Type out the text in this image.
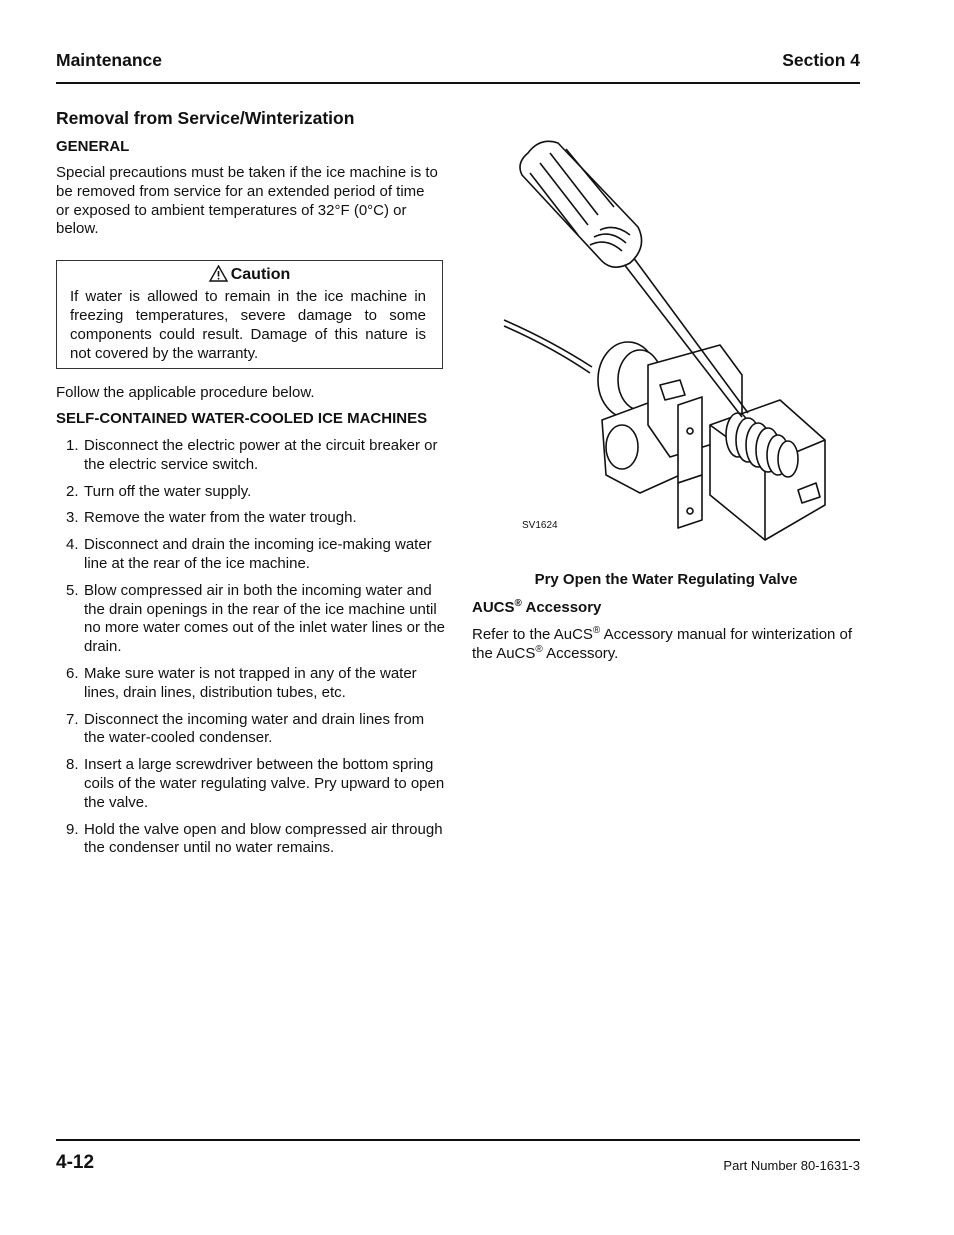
Maintenance	Section 4
Removal from Service/Winterization
GENERAL
Special precautions must be taken if the ice machine is to be removed from service for an extended period of time or exposed to ambient temperatures of 32°F (0°C) or below.
Caution
If water is allowed to remain in the ice machine in freezing temperatures, severe damage to some components could result. Damage of this nature is not covered by the warranty.
Follow the applicable procedure below.
SELF-CONTAINED WATER-COOLED ICE MACHINES
1. Disconnect the electric power at the circuit breaker or the electric service switch.
2. Turn off the water supply.
3. Remove the water from the water trough.
4. Disconnect and drain the incoming ice-making water line at the rear of the ice machine.
5. Blow compressed air in both the incoming water and the drain openings in the rear of the ice machine until no more water comes out of the inlet water lines or the drain.
6. Make sure water is not trapped in any of the water lines, drain lines, distribution tubes, etc.
7. Disconnect the incoming water and drain lines from the water-cooled condenser.
8. Insert a large screwdriver between the bottom spring coils of the water regulating valve. Pry upward to open the valve.
9. Hold the valve open and blow compressed air through the condenser until no water remains.
SV1624
Pry Open the Water Regulating Valve
AUCS® Accessory
Refer to the AuCS® Accessory manual for winterization of the AuCS® Accessory.
4-12	Part Number 80-1631-3
